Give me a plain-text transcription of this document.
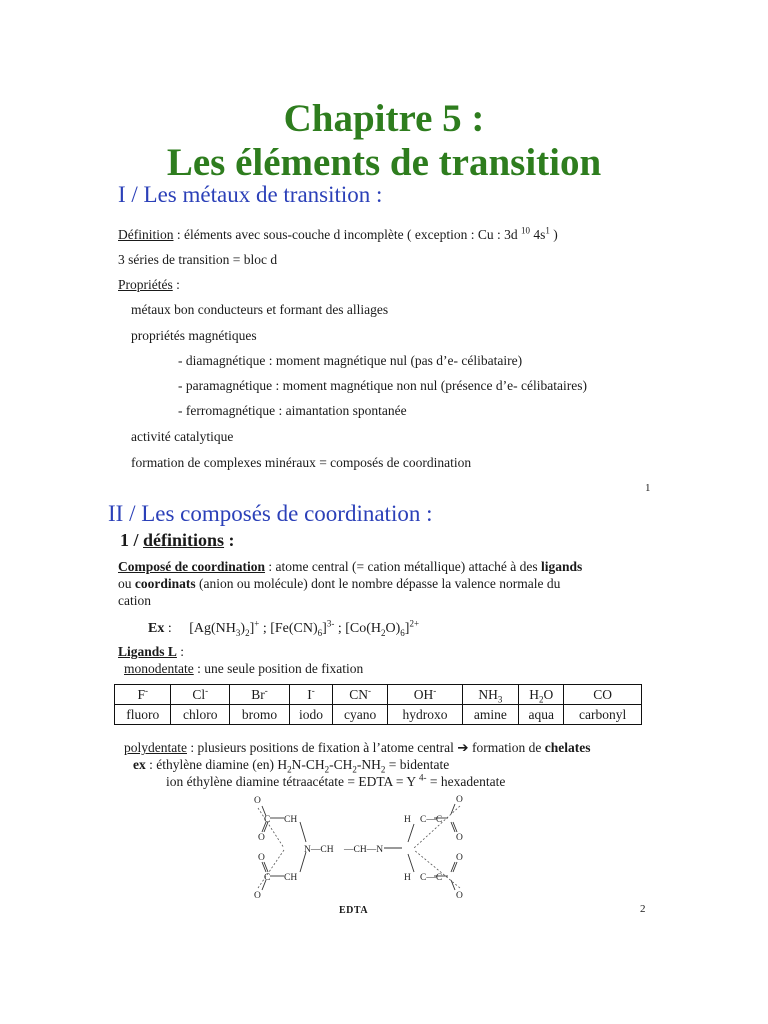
Chapitre 5 :
Les éléments de transition
I / Les métaux de transition :
Définition : éléments avec sous-couche d incomplète ( exception : Cu : 3d $^{10}$ $4s^1$ )
3 séries de transition = bloc d
Propriétés :
métaux bon conducteurs et formant des alliages
propriétés magnétiques
- diamagnétique : moment magnétique nul (pas d’e- célibataire)
- paramagnétique : moment magnétique non nul (présence d’e- célibataires)
- ferromagnétique : aimantation spontanée
activité catalytique
formation de complexes minéraux = composés de coordination
1
II / Les composés de coordination :
1 / définitions :
Composé de coordination : atome central (= cation métallique) attaché à des ligands
ou coordinats (anion ou molécule) dont le nombre dépasse la valence normale du
cation
Ex : $[Ag(NH_3)_2]^+$ ; $[Fe(CN)_6]^{3-}$ ; $[Co(H_2O)_6]^{2+}$
Ligands L :
monodentate : une seule position de fixation
F-	Cl-	Br-	I-	CN-	OH-	$NH_3$	$H_2O$	CO
fluoro	chloro	bromo	iodo	cyano	hydroxo	amine	aqua	carbonyl
polydentate : plusieurs positions de fixation à l’atome central ➔ formation de chelates
ex : éthylène diamine (en) $H_2N-CH_2-CH_2-NH_2$ = bidentate
ion éthylène diamine tétraacétate = EDTA = Y $^{4-}$ = hexadentate
O
C CH
O
N—CH —CH—N
O
C CH
O
H C—C
O
O
H C—C
O
O
EDTA	2
